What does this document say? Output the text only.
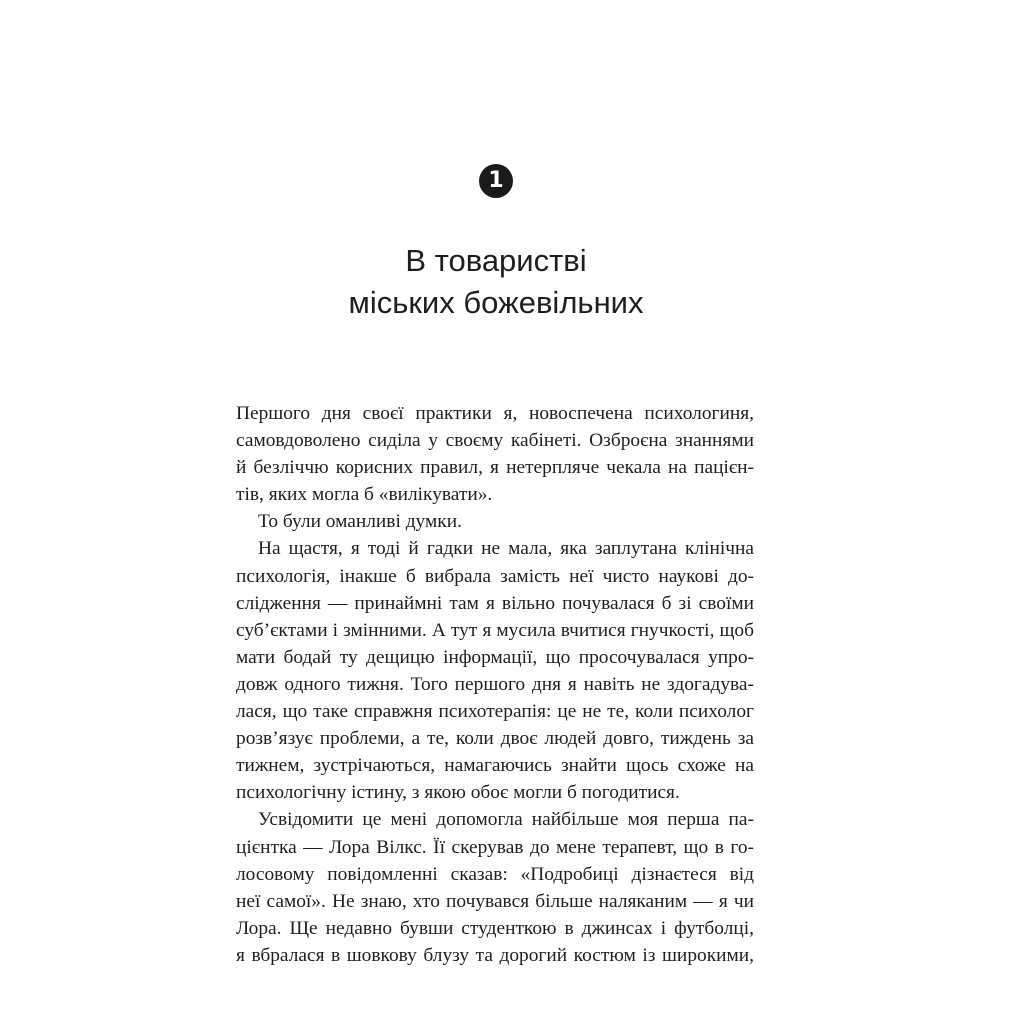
1
В товаристві
міських божевільних
Першого дня своєї практики я, новоспечена психологиня,
самовдоволено сиділа у своєму кабінеті. Озброєна знаннями
й безліччю корисних правил, я нетерпляче чекала на пацієн-
тів, яких могла б «вилікувати».
То були оманливі думки.
На щастя, я тоді й гадки не мала, яка заплутана клінічна
психологія, інакше б вибрала замість неї чисто наукові до-
слідження — принаймні там я вільно почувалася б зі своїми
суб’єктами і змінними. А тут я мусила вчитися гнучкості, щоб
мати бодай ту дещицю інформації, що просочувалася упро-
довж одного тижня. Того першого дня я навіть не здогадува-
лася, що таке справжня психотерапія: це не те, коли психолог
розв’язує проблеми, а те, коли двоє людей довго, тиждень за
тижнем, зустрічаються, намагаючись знайти щось схоже на
психологічну істину, з якою обоє могли б погодитися.
Усвідомити це мені допомогла найбільше моя перша па-
цієнтка — Лора Вілкс. Її скерував до мене терапевт, що в го-
лосовому повідомленні сказав: «Подробиці дізнаєтеся від
неї самої». Не знаю, хто почувався більше наляканим — я чи
Лора. Ще недавно бувши студенткою в джинсах і футболці,
я вбралася в шовкову блузу та дорогий костюм із широкими,
